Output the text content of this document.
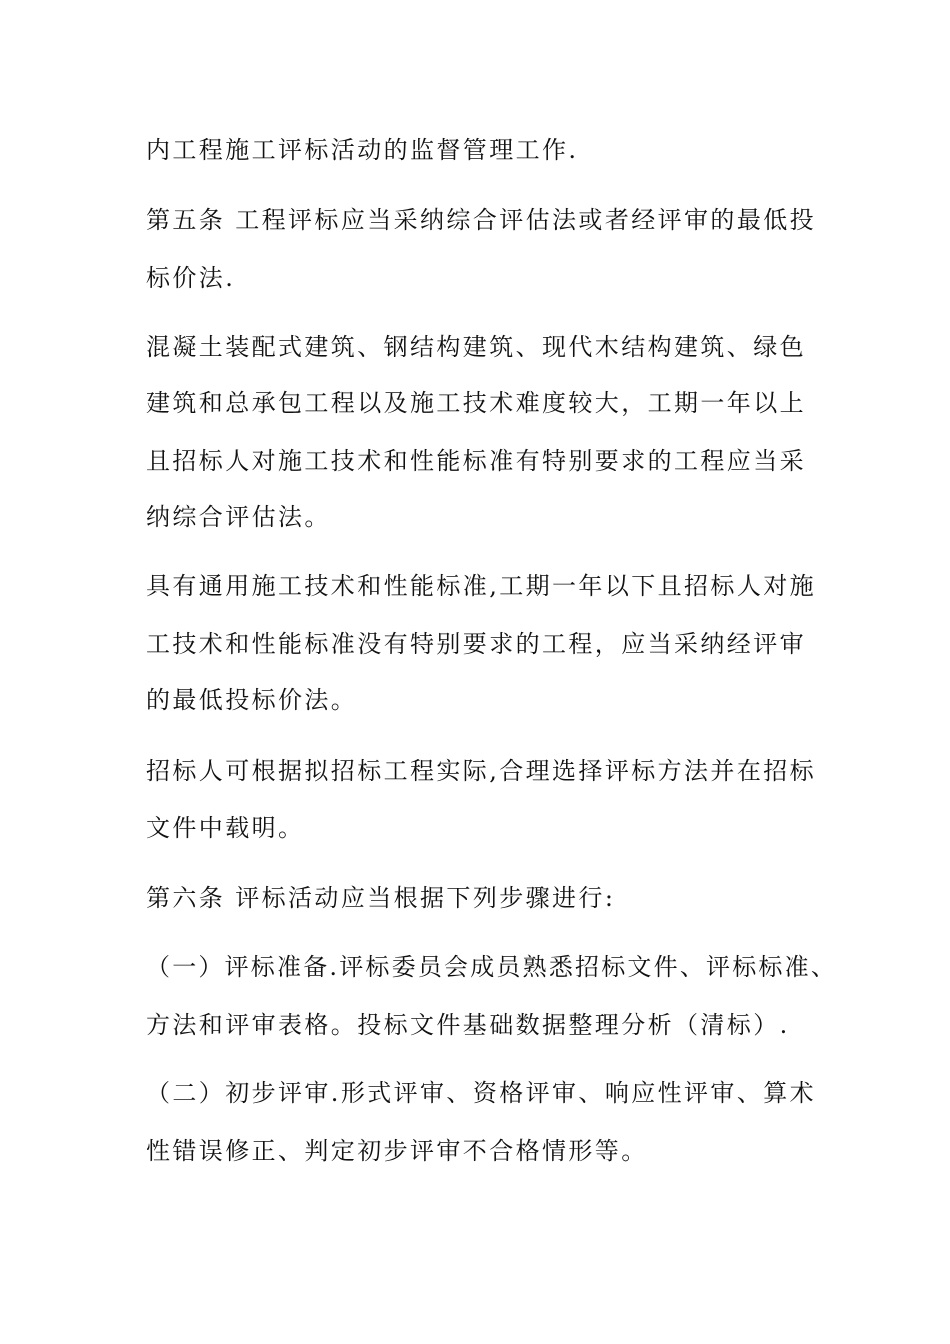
内工程施工评标活动的监督管理工作.
第五条 工程评标应当采纳综合评估法或者经评审的最低投
标价法.
混凝土装配式建筑、钢结构建筑、现代木结构建筑、绿色
建筑和总承包工程以及施工技术难度较大，工期一年以上
且招标人对施工技术和性能标准有特别要求的工程应当采
纳综合评估法。
具有通用施工技术和性能标准,工期一年以下且招标人对施
工技术和性能标准没有特别要求的工程，应当采纳经评审
的最低投标价法。
招标人可根据拟招标工程实际,合理选择评标方法并在招标
文件中载明。
第六条 评标活动应当根据下列步骤进行:
（一）评标准备.评标委员会成员熟悉招标文件、评标标准、
方法和评审表格。投标文件基础数据整理分析（清标）.
（二）初步评审.形式评审、资格评审、响应性评审、算术
性错误修正、判定初步评审不合格情形等。
